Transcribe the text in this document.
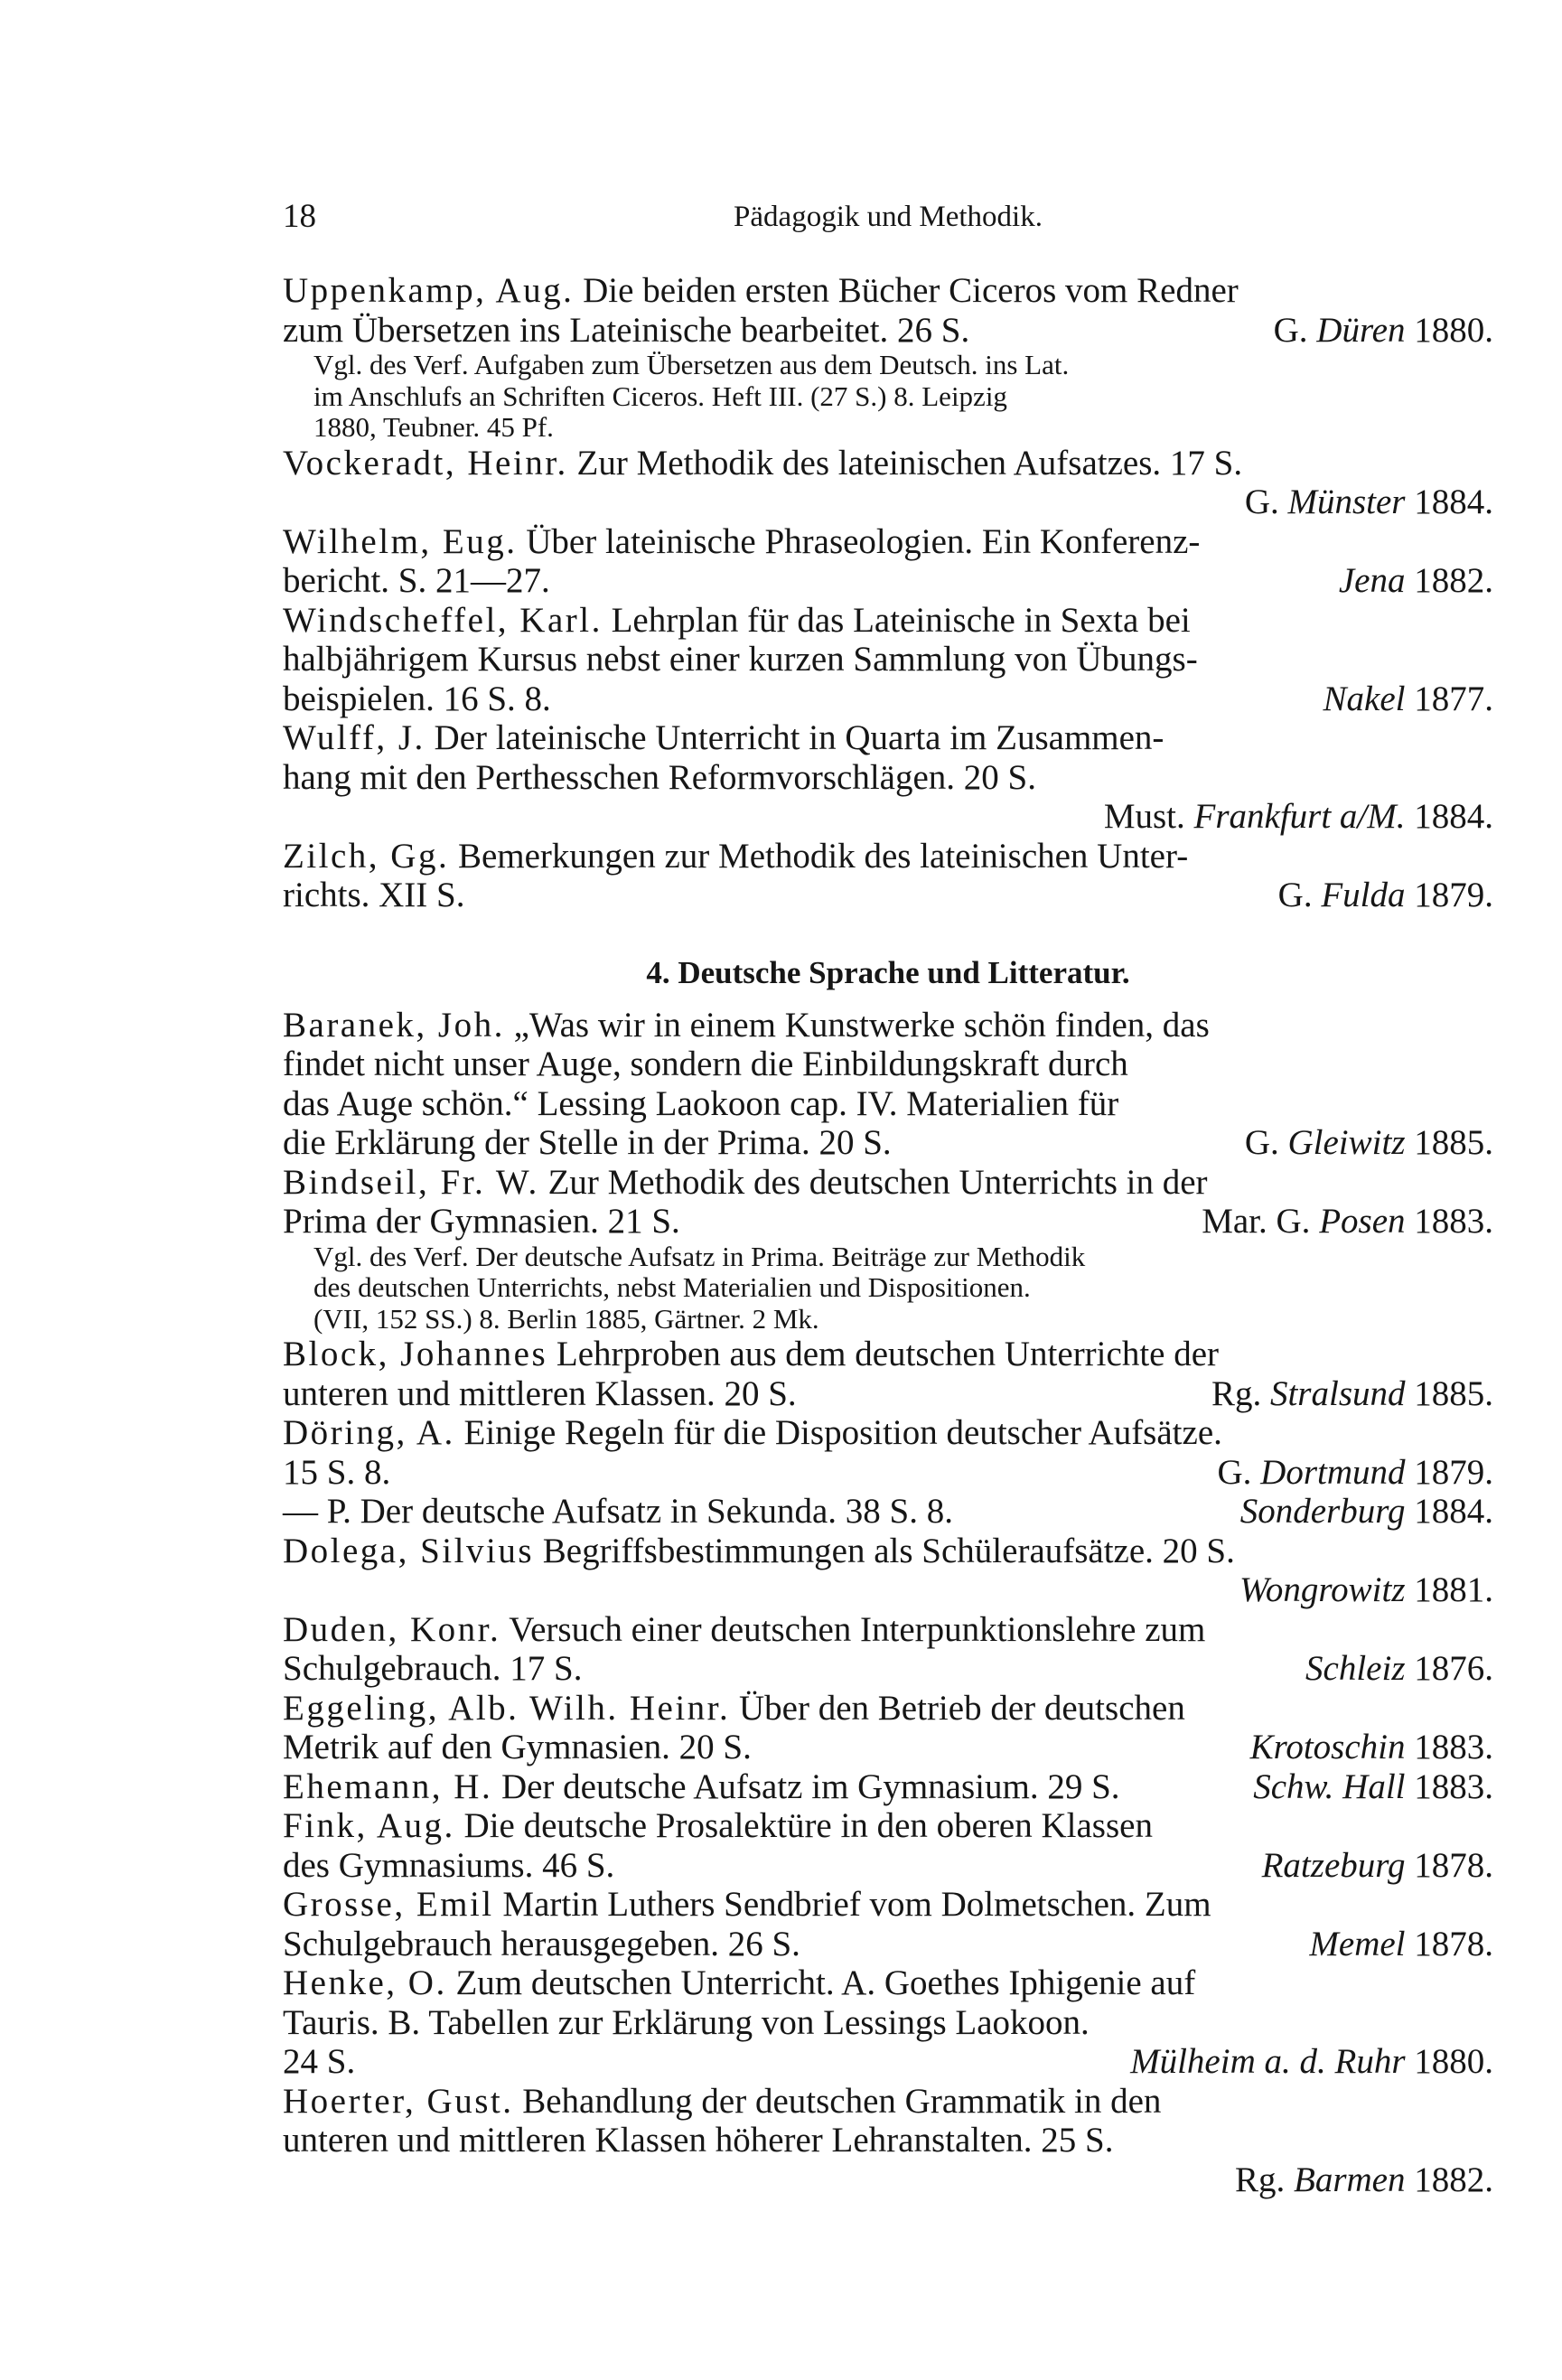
18	Pädagogik und Methodik.
Uppenkamp, Aug. Die beiden ersten Bücher Ciceros vom Redner
zum Übersetzen ins Lateinische bearbeitet. 26 S.	G. Düren 1880.
Vgl. des Verf. Aufgaben zum Übersetzen aus dem Deutsch. ins Lat.
im Anschlufs an Schriften Ciceros. Heft III. (27 S.) 8. Leipzig
1880, Teubner. 45 Pf.
Vockeradt, Heinr. Zur Methodik des lateinischen Aufsatzes. 17 S.
G. Münster 1884.
Wilhelm, Eug. Über lateinische Phraseologien. Ein Konferenz-
bericht. S. 21—27.	Jena 1882.
Windscheffel, Karl. Lehrplan für das Lateinische in Sexta bei
halbjährigem Kursus nebst einer kurzen Sammlung von Übungs-
beispielen. 16 S. 8.	Nakel 1877.
Wulff, J. Der lateinische Unterricht in Quarta im Zusammen-
hang mit den Perthesschen Reformvorschlägen. 20 S.
Must. Frankfurt a/M. 1884.
Zilch, Gg. Bemerkungen zur Methodik des lateinischen Unter-
richts. XII S.	G. Fulda 1879.
4. Deutsche Sprache und Litteratur.
Baranek, Joh. „Was wir in einem Kunstwerke schön finden, das
findet nicht unser Auge, sondern die Einbildungskraft durch
das Auge schön.“ Lessing Laokoon cap. IV. Materialien für
die Erklärung der Stelle in der Prima. 20 S.	G. Gleiwitz 1885.
Bindseil, Fr. W. Zur Methodik des deutschen Unterrichts in der
Prima der Gymnasien. 21 S.	Mar. G. Posen 1883.
Vgl. des Verf. Der deutsche Aufsatz in Prima. Beiträge zur Methodik
des deutschen Unterrichts, nebst Materialien und Dispositionen.
(VII, 152 SS.) 8. Berlin 1885, Gärtner. 2 Mk.
Block, Johannes Lehrproben aus dem deutschen Unterrichte der
unteren und mittleren Klassen. 20 S.	Rg. Stralsund 1885.
Döring, A. Einige Regeln für die Disposition deutscher Aufsätze.
15 S. 8.	G. Dortmund 1879.
— P. Der deutsche Aufsatz in Sekunda. 38 S. 8.	Sonderburg 1884.
Dolega, Silvius Begriffsbestimmungen als Schüleraufsätze. 20 S.
Wongrowitz 1881.
Duden, Konr. Versuch einer deutschen Interpunktionslehre zum
Schulgebrauch. 17 S.	Schleiz 1876.
Eggeling, Alb. Wilh. Heinr. Über den Betrieb der deutschen
Metrik auf den Gymnasien. 20 S.	Krotoschin 1883.
Ehemann, H. Der deutsche Aufsatz im Gymnasium. 29 S.	Schw. Hall 1883.
Fink, Aug. Die deutsche Prosalektüre in den oberen Klassen
des Gymnasiums. 46 S.	Ratzeburg 1878.
Grosse, Emil Martin Luthers Sendbrief vom Dolmetschen. Zum
Schulgebrauch herausgegeben. 26 S.	Memel 1878.
Henke, O. Zum deutschen Unterricht. A. Goethes Iphigenie auf
Tauris. B. Tabellen zur Erklärung von Lessings Laokoon.
24 S.	Mülheim a. d. Ruhr 1880.
Hoerter, Gust. Behandlung der deutschen Grammatik in den
unteren und mittleren Klassen höherer Lehranstalten. 25 S.
Rg. Barmen 1882.
